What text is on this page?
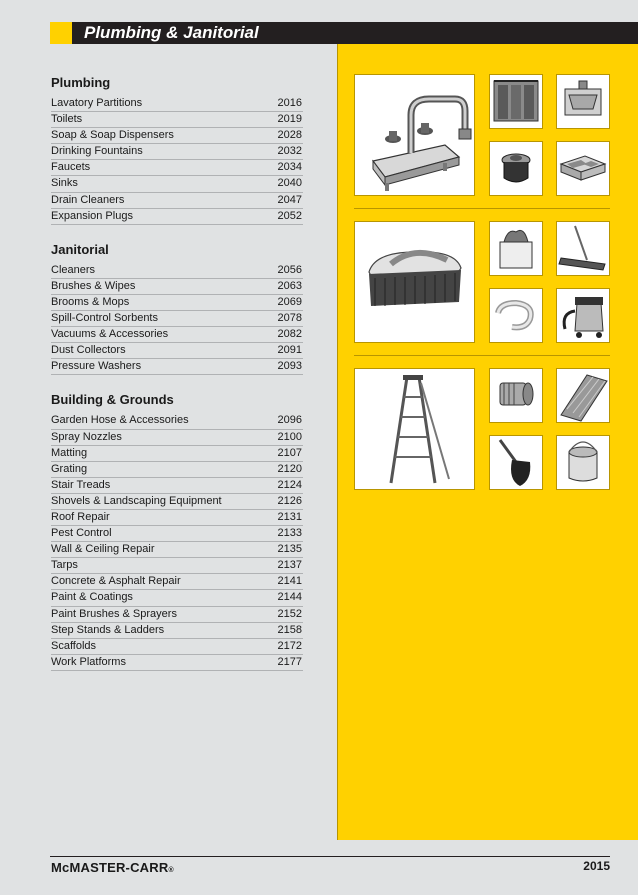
Plumbing & Janitorial
Plumbing
Lavatory Partitions	2016
Toilets	2019
Soap & Soap Dispensers	2028
Drinking Fountains	2032
Faucets	2034
Sinks	2040
Drain Cleaners	2047
Expansion Plugs	2052
Janitorial
Cleaners	2056
Brushes & Wipes	2063
Brooms & Mops	2069
Spill-Control Sorbents	2078
Vacuums & Accessories	2082
Dust Collectors	2091
Pressure Washers	2093
Building & Grounds
Garden Hose & Accessories	2096
Spray Nozzles	2100
Matting	2107
Grating	2120
Stair Treads	2124
Shovels & Landscaping Equipment	2126
Roof Repair	2131
Pest Control	2133
Wall & Ceiling Repair	2135
Tarps	2137
Concrete & Asphalt Repair	2141
Paint & Coatings	2144
Paint Brushes & Sprayers	2152
Step Stands & Ladders	2158
Scaffolds	2172
Work Platforms	2177
McMASTER-CARR®	2015
